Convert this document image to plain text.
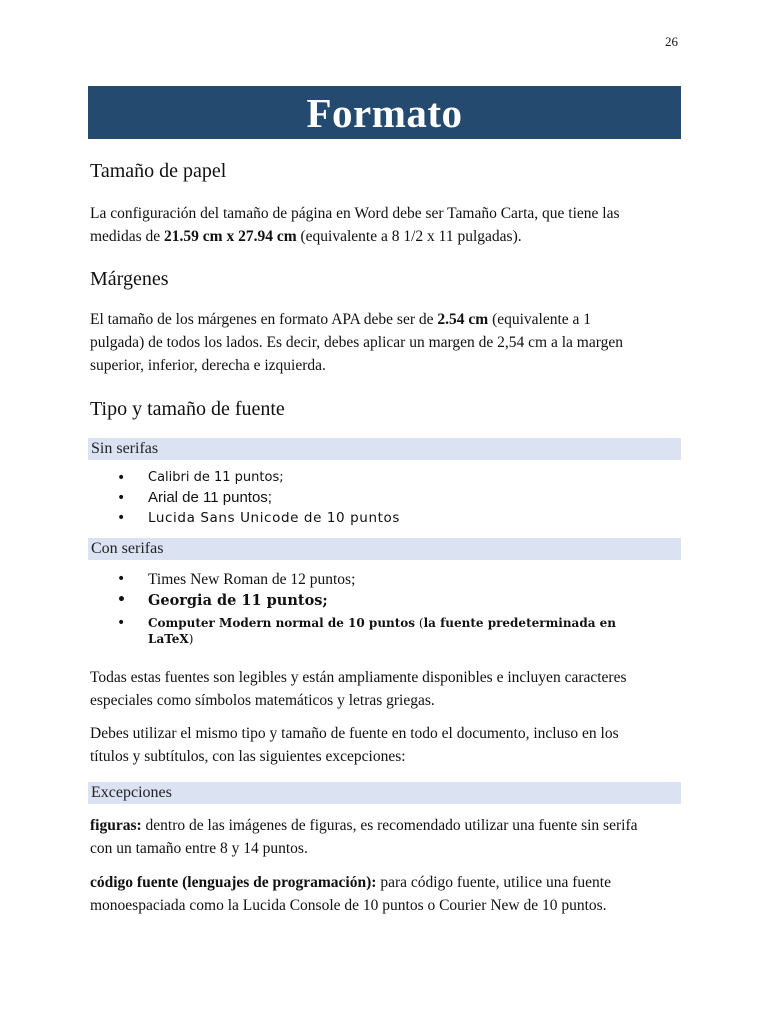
26
Formato
Tamaño de papel
La configuración del tamaño de página en Word debe ser Tamaño Carta, que tiene las
medidas de 21.59 cm x 27.94 cm (equivalente a 8 1/2 x 11 pulgadas).
Márgenes
El tamaño de los márgenes en formato APA debe ser de 2.54 cm (equivalente a 1
pulgada) de todos los lados. Es decir, debes aplicar un margen de 2,54 cm a la margen
superior, inferior, derecha e izquierda.
Tipo y tamaño de fuente
Sin serifas
• Calibri de 11 puntos;
• Arial de 11 puntos;
• Lucida Sans Unicode de 10 puntos
Con serifas
• Times New Roman de 12 puntos;
• Georgia de 11 puntos;
• Computer Modern normal de 10 puntos (la fuente predeterminada en
LaTeX)
Todas estas fuentes son legibles y están ampliamente disponibles e incluyen caracteres
especiales como símbolos matemáticos y letras griegas.
Debes utilizar el mismo tipo y tamaño de fuente en todo el documento, incluso en los
títulos y subtítulos, con las siguientes excepciones:
Excepciones
figuras: dentro de las imágenes de figuras, es recomendado utilizar una fuente sin serifa
con un tamaño entre 8 y 14 puntos.
código fuente (lenguajes de programación): para código fuente, utilice una fuente
monoespaciada como la Lucida Console de 10 puntos o Courier New de 10 puntos.
